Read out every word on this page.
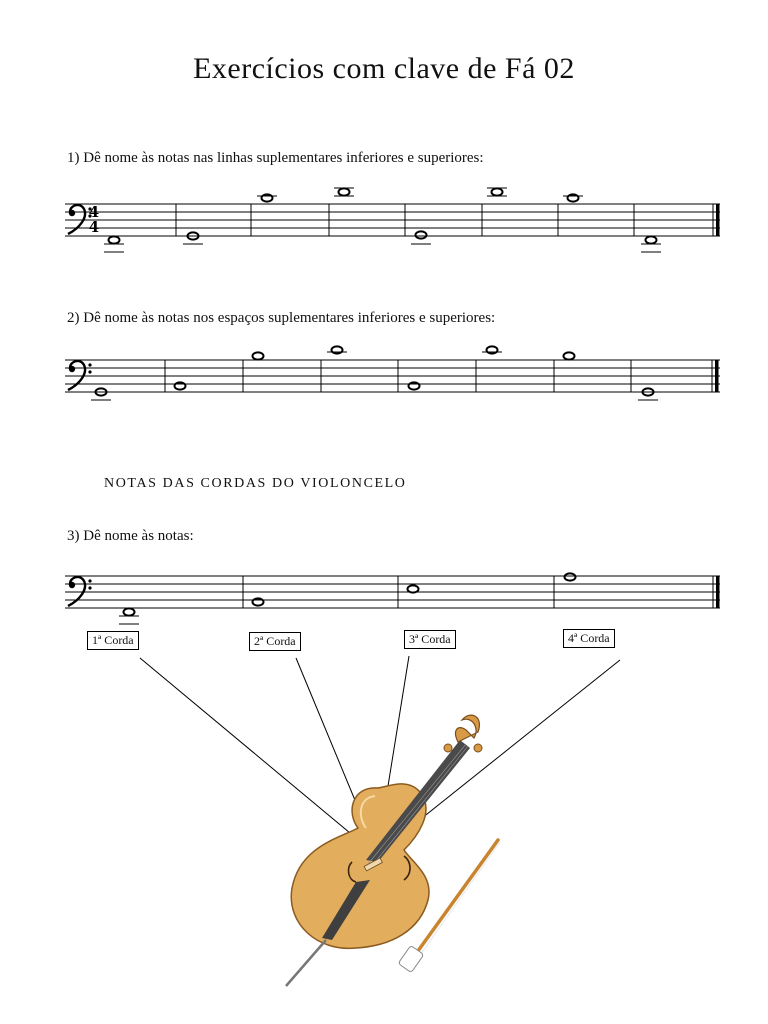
Exercícios com clave de Fá 02
1) Dê nome às notas nas linhas suplementares inferiores e superiores:
4
4
2) Dê nome às notas nos espaços suplementares inferiores e superiores:
NOTAS DAS CORDAS DO VIOLONCELO
3) Dê nome às notas:
1ª Corda	2ª Corda	3ª Corda	4ª Corda
